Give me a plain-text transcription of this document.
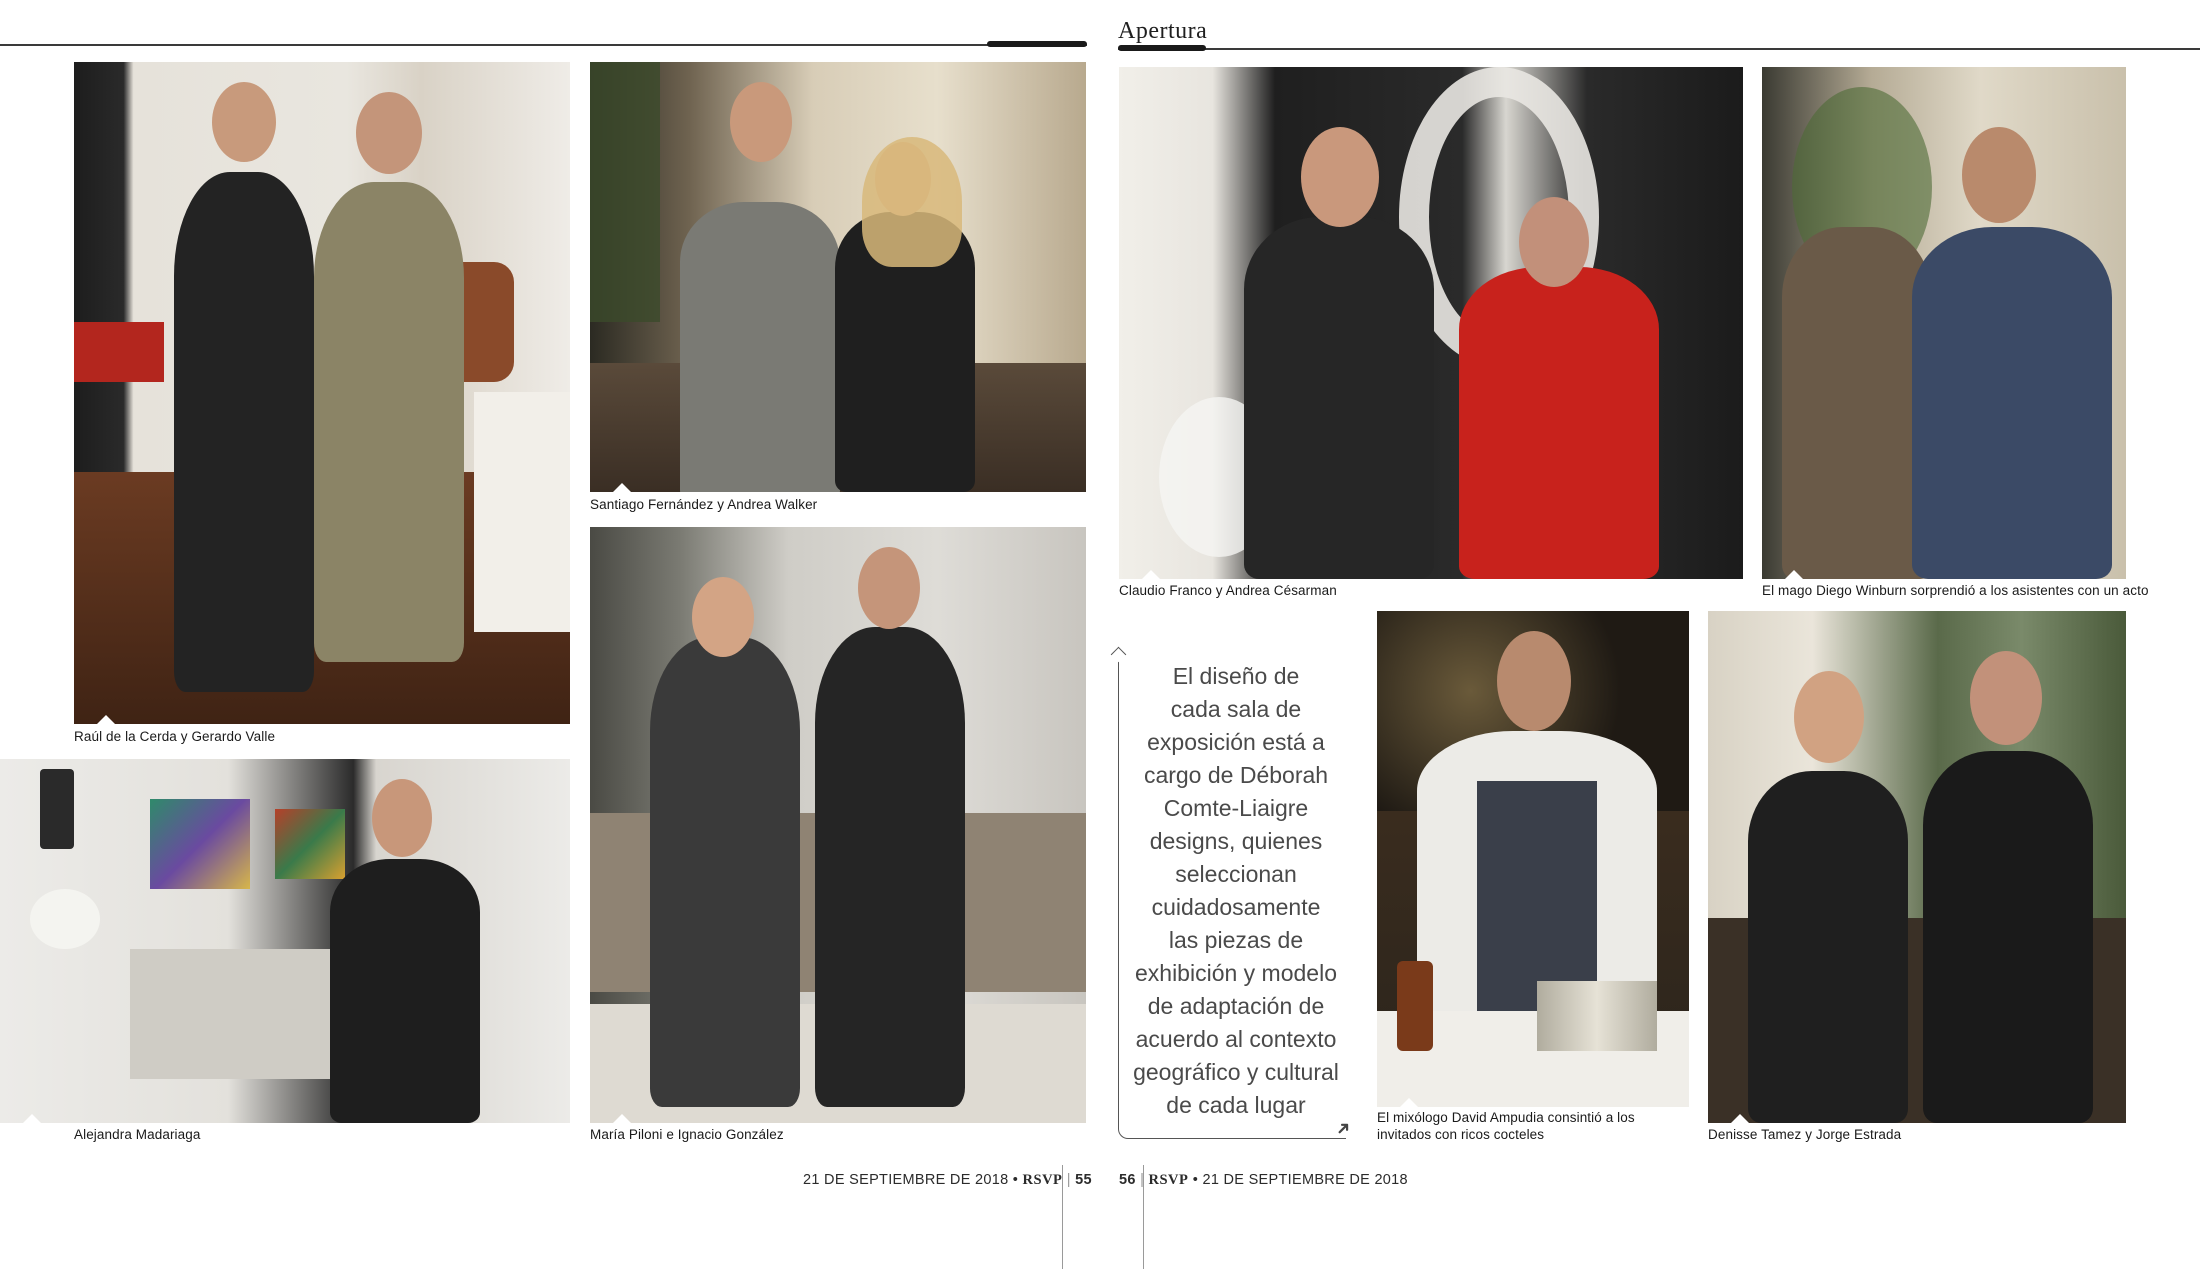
Apertura
Raúl de la Cerda y Gerardo Valle
Santiago Fernández y Andrea Walker
Alejandra Madariaga	María Piloni e Ignacio González
Claudio Franco y Andrea Césarman	El mago Diego Winburn sorprendió a los asistentes con un acto
➜
El diseño de
cada sala de
exposición está a
cargo de Déborah
Comte-Liaigre
designs, quienes
seleccionan
cuidadosamente
las piezas de
exhibición y modelo
de adaptación de
acuerdo al contexto
geográfico y cultural
de cada lugar	El mixólogo David Ampudia consintió a los
invitados con ricos cocteles	Denisse Tamez y Jorge Estrada
21 DE SEPTIEMBRE DE 2018 • RSVP | 55 56 | RSVP • 21 DE SEPTIEMBRE DE 2018
